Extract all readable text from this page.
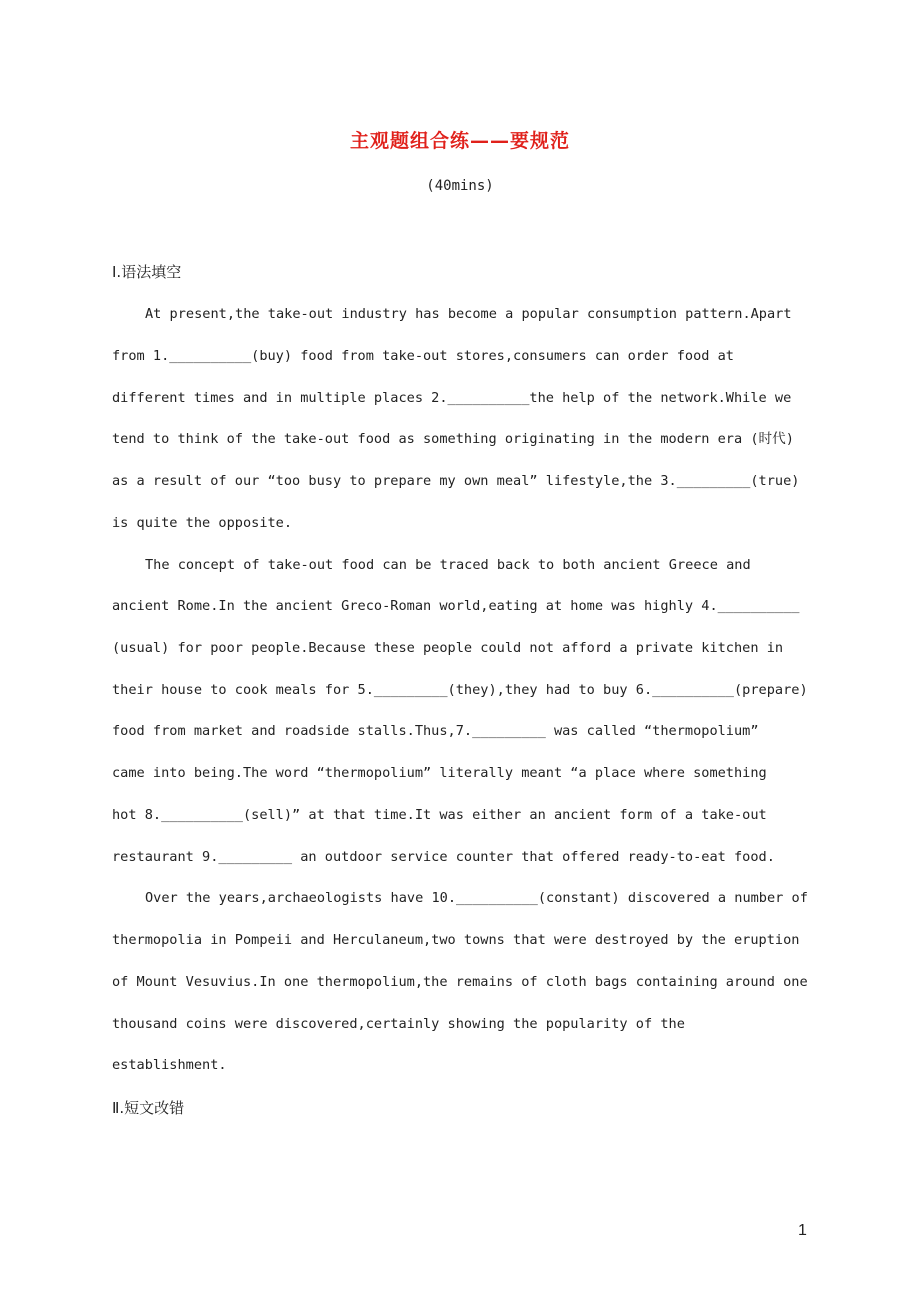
主观题组合练——要规范
(40mins)
Ⅰ.语法填空
At present,the take-out industry has become a popular consumption pattern.Apart
from 1.__________(buy) food from take-out stores,consumers can order food at
different times and in multiple places 2.__________the help of the network.While we
tend to think of the take-out food as something originating in the modern era (时代)
as a result of our “too busy to prepare my own meal” lifestyle,the 3._________(true)
is quite the opposite.
The concept of take-out food can be traced back to both ancient Greece and
ancient Rome.In the ancient Greco-Roman world,eating at home was highly 4.__________
(usual) for poor people.Because these people could not afford a private kitchen in
their house to cook meals for 5._________(they),they had to buy 6.__________(prepare)
food from market and roadside stalls.Thus,7._________ was called “thermopolium”
came into being.The word “thermopolium” literally meant “a place where something
hot 8.__________(sell)” at that time.It was either an ancient form of a take-out
restaurant 9._________ an outdoor service counter that offered ready-to-eat food.
Over the years,archaeologists have 10.__________(constant) discovered a number of
thermopolia in Pompeii and Herculaneum,two towns that were destroyed by the eruption
of Mount Vesuvius.In one thermopolium,the remains of cloth bags containing around one
thousand coins were discovered,certainly showing the popularity of the
establishment.
Ⅱ.短文改错
1
